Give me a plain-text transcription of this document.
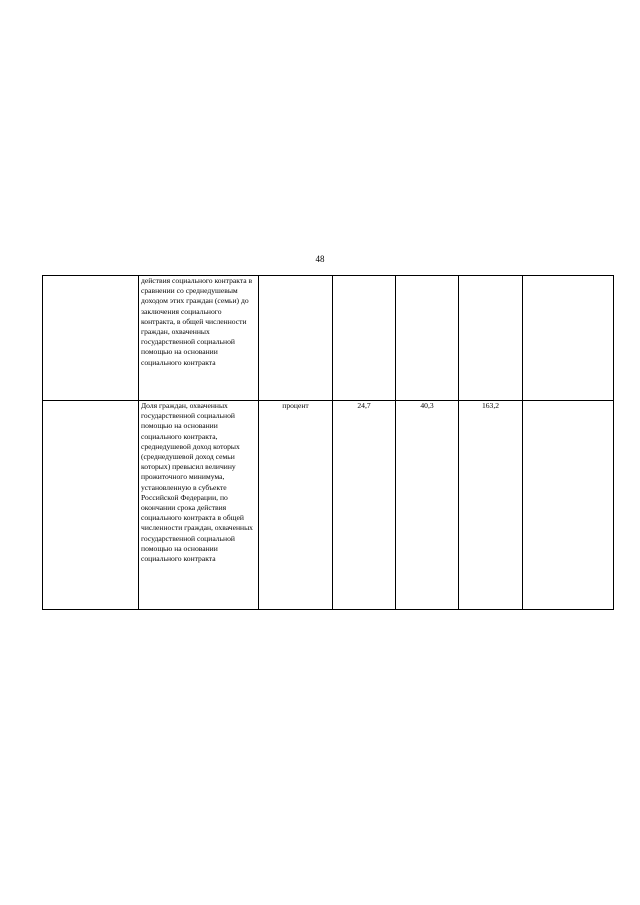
48
	действия социального контракта в сравнении со среднедушевым доходом этих граждан (семьи) до заключения социального контракта, в общей численности граждан, охваченных государственной социальной помощью на основании социального контракта					
	Доля граждан, охваченных государственной социальной помощью на основании социального контракта, среднедушевой доход которых (среднедушевой доход семьи которых) превысил величину прожиточного минимума, установленную в субъекте Российской Федерации, по окончании срока действия социального контракта в общей численности граждан, охваченных государственной социальной помощью на основании социального контракта	процент	24,7	40,3	163,2	
